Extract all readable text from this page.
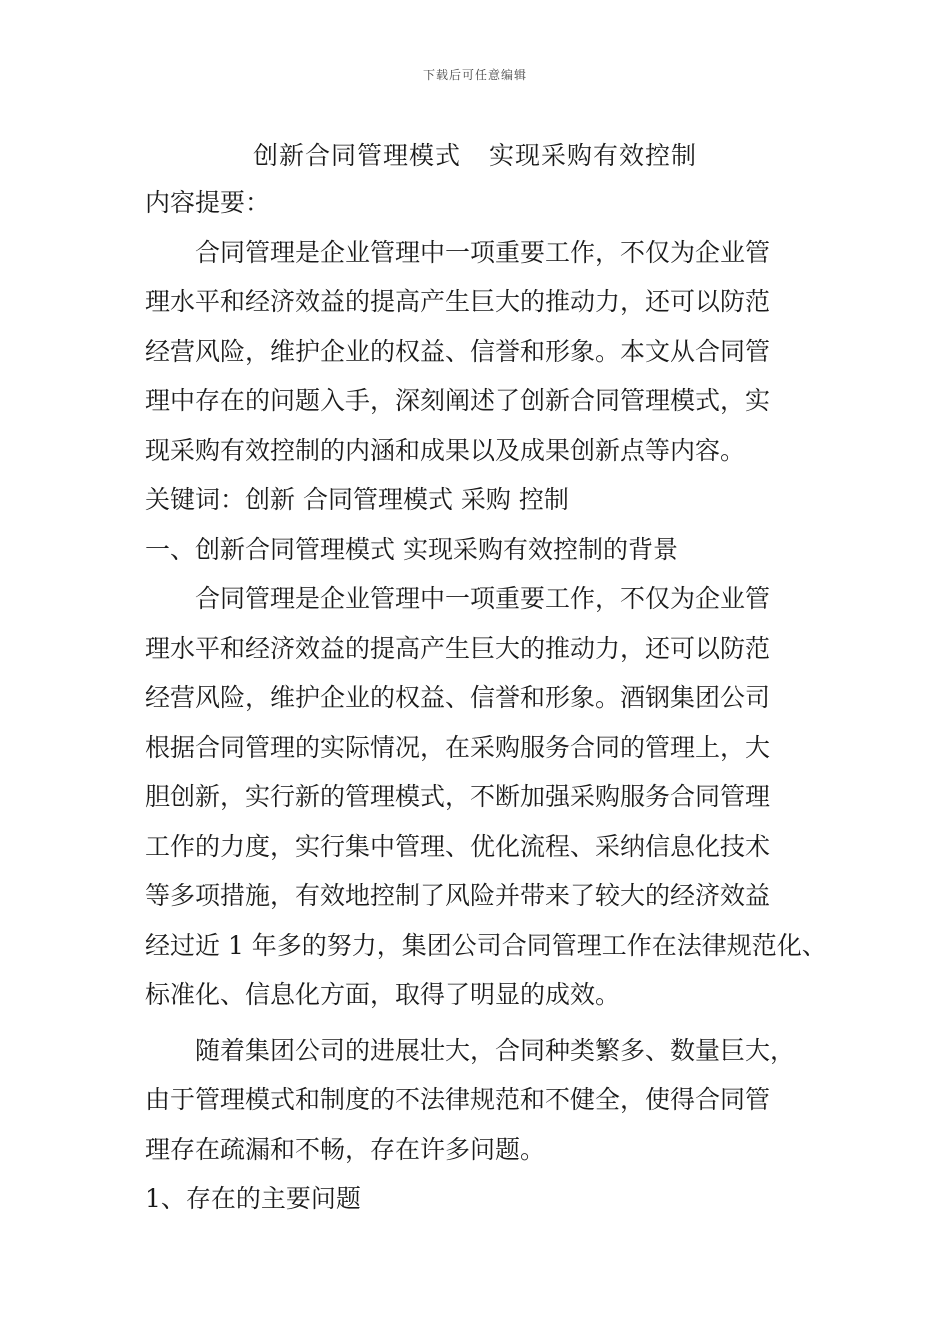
下载后可任意编辑
创新合同管理模式 实现采购有效控制
内容提要：
合同管理是企业管理中一项重要工作，不仅为企业管
理水平和经济效益的提高产生巨大的推动力，还可以防范
经营风险，维护企业的权益、信誉和形象。本文从合同管
理中存在的问题入手，深刻阐述了创新合同管理模式，实
现采购有效控制的内涵和成果以及成果创新点等内容。
关键词：创新 合同管理模式 采购 控制
一、创新合同管理模式 实现采购有效控制的背景
合同管理是企业管理中一项重要工作，不仅为企业管
理水平和经济效益的提高产生巨大的推动力，还可以防范
经营风险，维护企业的权益、信誉和形象。酒钢集团公司
根据合同管理的实际情况，在采购服务合同的管理上，大
胆创新，实行新的管理模式，不断加强采购服务合同管理
工作的力度，实行集中管理、优化流程、采纳信息化技术
等多项措施，有效地控制了风险并带来了较大的经济效益
经过近 1 年多的努力，集团公司合同管理工作在法律规范化、
标准化、信息化方面，取得了明显的成效。
随着集团公司的进展壮大，合同种类繁多、数量巨大，
由于管理模式和制度的不法律规范和不健全，使得合同管
理存在疏漏和不畅，存在许多问题。
1、存在的主要问题
